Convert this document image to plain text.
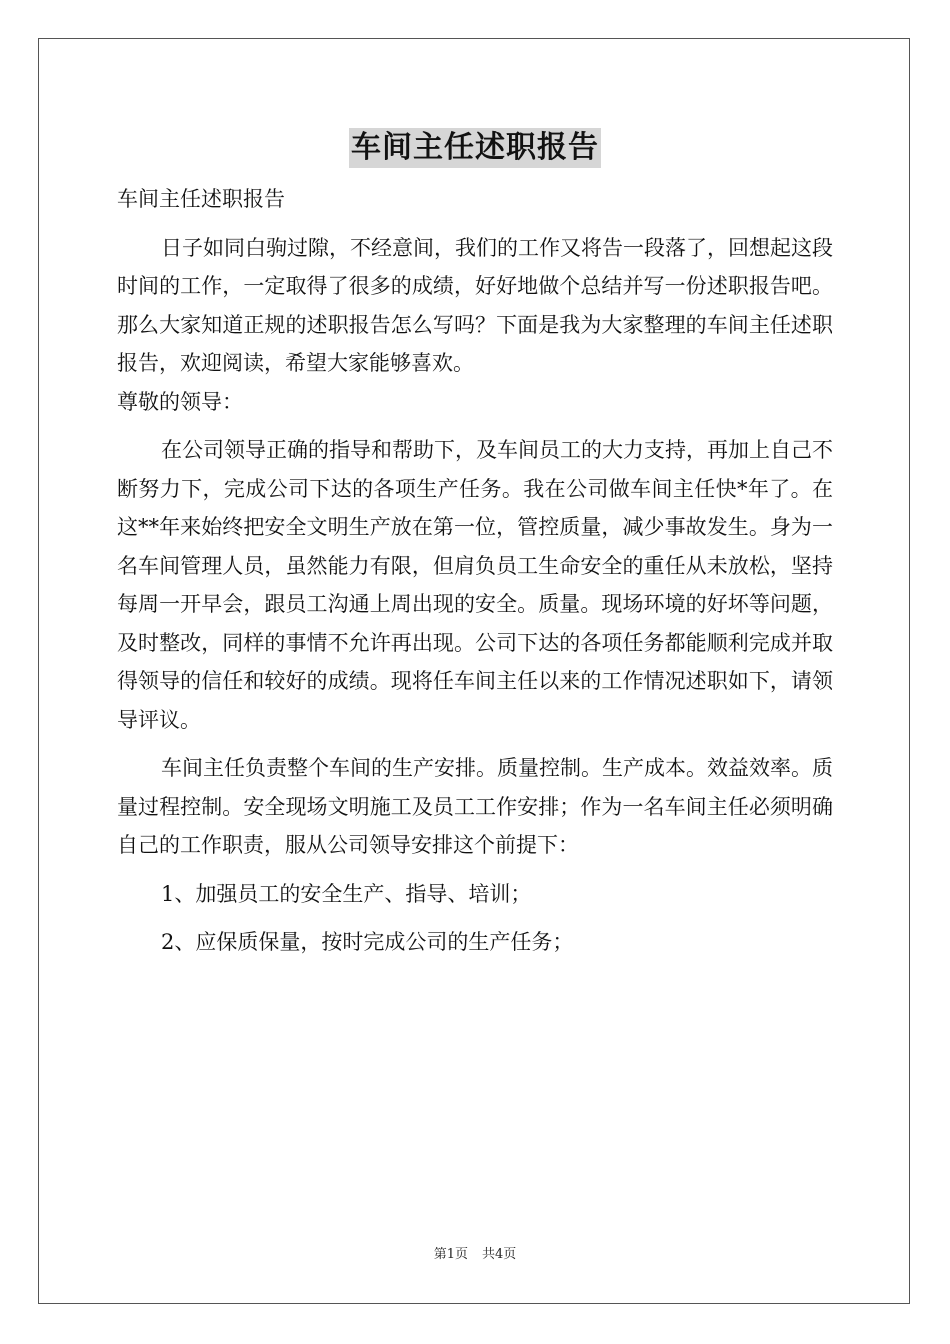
车间主任述职报告

车间主任述职报告

日子如同白驹过隙，不经意间，我们的工作又将告一段落了，回想起这段时间的工作，一定取得了很多的成绩，好好地做个总结并写一份述职报告吧。那么大家知道正规的述职报告怎么写吗？下面是我为大家整理的车间主任述职报告，欢迎阅读，希望大家能够喜欢。

尊敬的领导：

在公司领导正确的指导和帮助下，及车间员工的大力支持，再加上自己不断努力下，完成公司下达的各项生产任务。我在公司做车间主任快*年了。在这**年来始终把安全文明生产放在第一位，管控质量，减少事故发生。身为一名车间管理人员，虽然能力有限，但肩负员工生命安全的重任从未放松，坚持每周一开早会，跟员工沟通上周出现的安全。质量。现场环境的好坏等问题，及时整改，同样的事情不允许再出现。公司下达的各项任务都能顺利完成并取得领导的信任和较好的成绩。现将任车间主任以来的工作情况述职如下，请领导评议。

车间主任负责整个车间的生产安排。质量控制。生产成本。效益效率。质量过程控制。安全现场文明施工及员工工作安排；作为一名车间主任必须明确自己的工作职责，服从公司领导安排这个前提下：

1、加强员工的安全生产、指导、培训；

2、应保质保量，按时完成公司的生产任务；

第1页 共4页
